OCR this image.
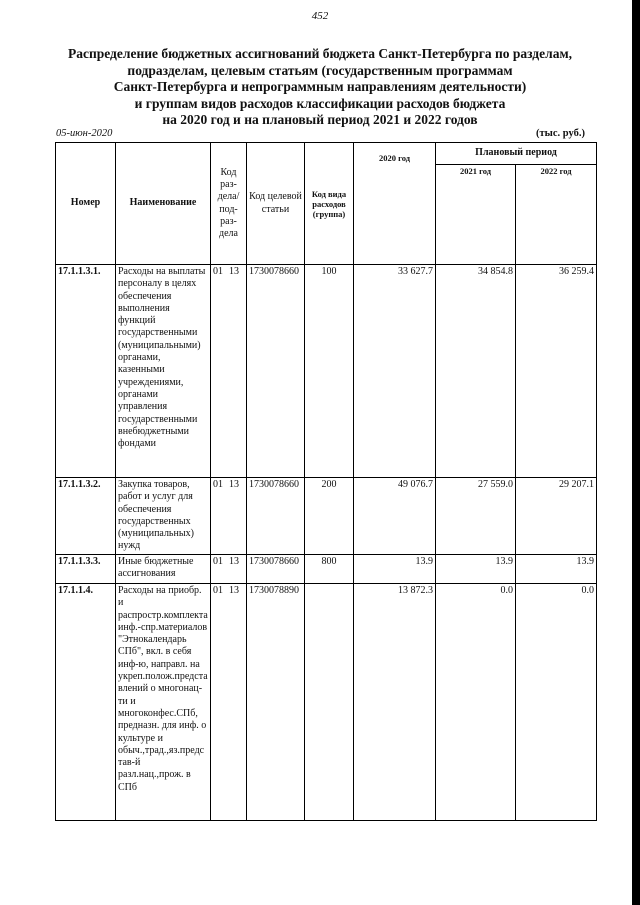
452
Распределение бюджетных ассигнований бюджета Санкт-Петербурга по разделам,
подразделам, целевым статьям (государственным программам
Санкт-Петербурга и непрограммным направлениям деятельности)
и группам видов расходов классификации расходов бюджета
на 2020 год и на плановый период 2021 и 2022 годов
05-июн-2020	(тыс. руб.)
Номер	Наименование	Код раз- дела/ под- раз- дела	Код целевой статьи	Код вида расходов (группа)	2020 год	Плановый период	
						2021 год	2022 год
17.1.1.3.1.	Расходы на выплаты персоналу в целях обеспечения выполнения функций государственными (муниципальными) органами, казенными учреждениями, органами управления государственными внебюджетными фондами	01 13	1730078660	100	33 627.7	34 854.8	36 259.4
17.1.1.3.2.	Закупка товаров, работ и услуг для обеспечения государственных (муниципальных) нужд	01 13	1730078660	200	49 076.7	27 559.0	29 207.1
17.1.1.3.3.	Иные бюджетные ассигнования	01 13	1730078660	800	13.9	13.9	13.9
17.1.1.4.	Расходы на приобр. и распростр.комплекта инф.-спр.материалов "Этнокалендарь СПб", вкл. в себя инф-ю, направл. на укреп.полож.представлений о многонац-ти и многоконфес.СПб, предназн. для инф. о культуре и обыч.,трад.,яз.представ-й разл.нац.,прож. в СПб	01 13	1730078890		13 872.3	0.0	0.0
